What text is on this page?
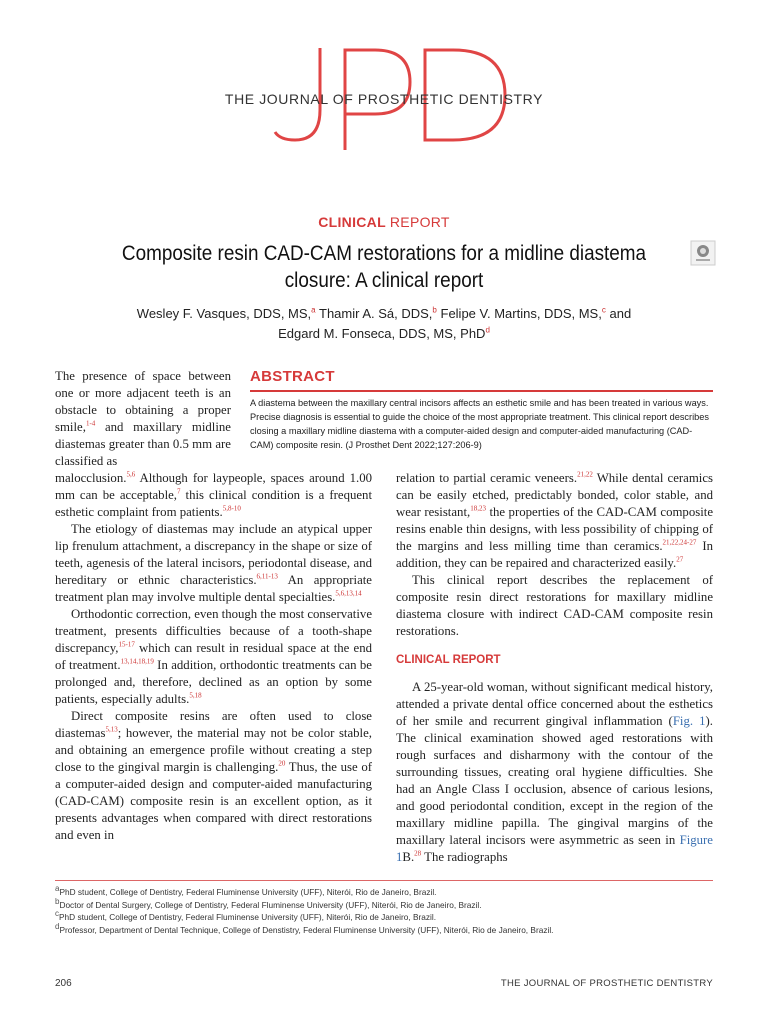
THE JOURNAL OF PROSTHETIC DENTISTRY
CLINICAL REPORT
Composite resin CAD-CAM restorations for a midline diastema closure: A clinical report
Wesley F. Vasques, DDS, MS,$^a$ Thamir A. Sá, DDS,$^b$ Felipe V. Martins, DDS, MS,$^c$ and
Edgard M. Fonseca, DDS, MS, PhD$^d$
ABSTRACT
A diastema between the maxillary central incisors affects an esthetic smile and has been treated in various ways. Precise diagnosis is essential to guide the choice of the most appropriate treatment. This clinical report describes closing a maxillary midline diastema with a computer-aided design and computer-aided manufacturing (CAD-CAM) composite resin. (J Prosthet Dent 2022;127:206-9)
The presence of space between one or more adjacent teeth is an obstacle to obtaining a proper smile,$^{1-4}$ and maxillary midline diastemas greater than 0.5 mm are classified as

malocclusion.$^{5,6}$ Although for laypeople, spaces around 1.00 mm can be acceptable,$^7$ this clinical condition is a frequent esthetic complaint from patients.$^{5,8-10}$

The etiology of diastemas may include an atypical upper lip frenulum attachment, a discrepancy in the shape or size of teeth, agenesis of the lateral incisors, periodontal disease, and hereditary or ethnic characteristics.$^{6,11-13}$ An appropriate treatment plan may involve multiple dental specialties.$^{5,6,13,14}$

Orthodontic correction, even though the most conservative treatment, presents difficulties because of a tooth-shape discrepancy,$^{15-17}$ which can result in residual space at the end of treatment.$^{13,14,18,19}$ In addition, orthodontic treatments can be prolonged and, therefore, declined as an option by some patients, especially adults.$^{5,18}$

Direct composite resins are often used to close diastemas$^{5,13}$; however, the material may not be color stable, and obtaining an emergence profile without creating a step close to the gingival margin is challenging.$^{20}$ Thus, the use of a computer-aided design and computer-aided manufacturing (CAD-CAM) composite resin is an excellent option, as it presents advantages when compared with direct restorations and even in

relation to partial ceramic veneers.$^{21,22}$ While dental ceramics can be easily etched, predictably bonded, color stable, and wear resistant,$^{18,23}$ the properties of the CAD-CAM composite resins enable thin designs, with less possibility of chipping of the margins and less milling time than ceramics.$^{21,22,24-27}$ In addition, they can be repaired and characterized easily.$^{27}$

This clinical report describes the replacement of composite resin direct restorations for maxillary midline diastema closure with indirect CAD-CAM composite resin restorations.

CLINICAL REPORT

A 25-year-old woman, without significant medical history, attended a private dental office concerned about the esthetics of her smile and recurrent gingival inflammation (Fig. 1). The clinical examination showed aged restorations with rough surfaces and disharmony with the contour of the surrounding tissues, creating oral hygiene difficulties. She had an Angle Class I occlusion, absence of carious lesions, and good periodontal condition, except in the region of the maxillary midline papilla. The gingival margins of the maxillary lateral incisors were asymmetric as seen in Figure 1B.$^{28}$ The radiographs

$^a$PhD student, College of Dentistry, Federal Fluminense University (UFF), Niterói, Rio de Janeiro, Brazil.
$^b$Doctor of Dental Surgery, College of Dentistry, Federal Fluminense University (UFF), Niterói, Rio de Janeiro, Brazil.
$^c$PhD student, College of Dentistry, Federal Fluminense University (UFF), Niterói, Rio de Janeiro, Brazil.
$^d$Professor, Department of Dental Technique, College of Denstistry, Federal Fluminense University (UFF), Niterói, Rio de Janeiro, Brazil.
206	THE JOURNAL OF PROSTHETIC DENTISTRY
